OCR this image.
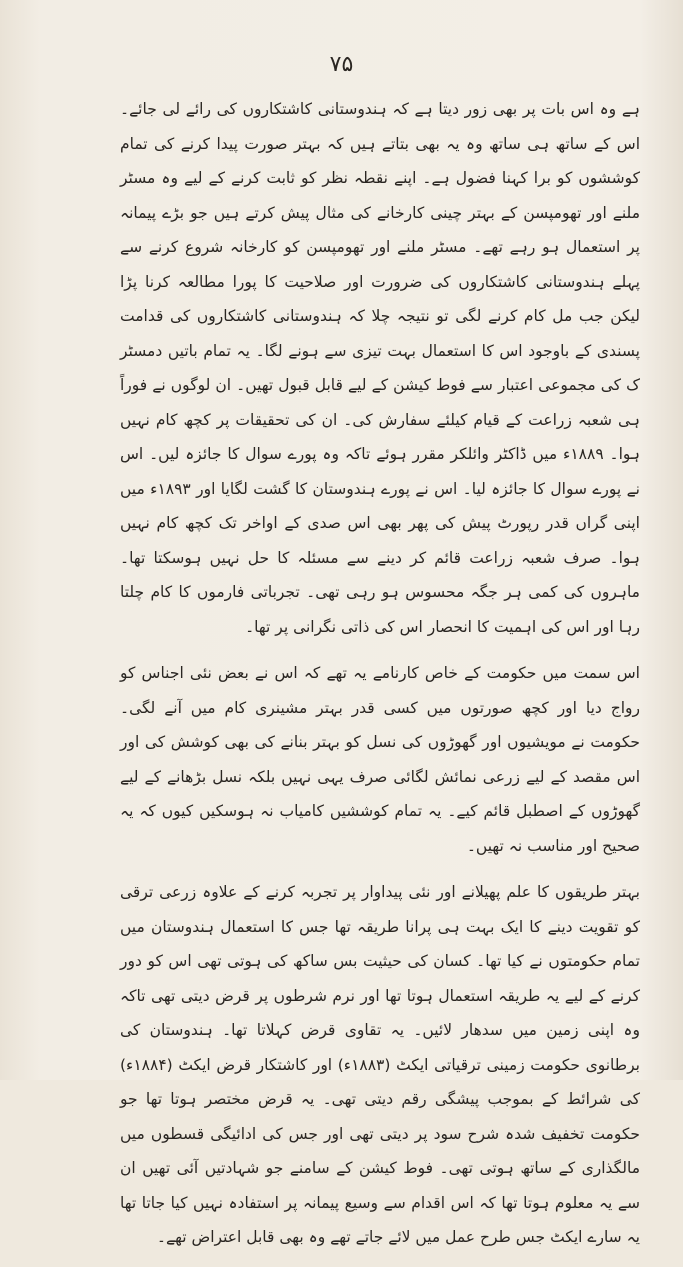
۷۵

ہے وہ اس بات پر بھی زور دیتا ہے کہ ہندوستانی کاشتکاروں کی رائے لی جائے۔ اس کے ساتھ ہی ساتھ وہ یہ بھی بتاتے ہیں کہ بہتر صورت پیدا کرنے کی تمام کوششوں کو برا کہنا فضول ہے۔ اپنے نقطہ نظر کو ثابت کرنے کے لیے وہ مسٹر ملنے اور تھومپسن کے بہتر چینی کارخانے کی مثال پیش کرتے ہیں جو بڑے پیمانہ پر استعمال ہو رہے تھے۔ مسٹر ملنے اور تھومپسن کو کارخانہ شروع کرنے سے پہلے ہندوستانی کاشتکاروں کی ضرورت اور صلاحیت کا پورا مطالعہ کرنا پڑا لیکن جب مل کام کرنے لگی تو نتیجہ چلا کہ ہندوستانی کاشتکاروں کی قدامت پسندی کے باوجود اس کا استعمال بہت تیزی سے ہونے لگا۔ یہ تمام باتیں دمسٹر ک کی مجموعی اعتبار سے فوط کیشن کے لیے قابل قبول تھیں۔ ان لوگوں نے فوراً ہی شعبہ زراعت کے قیام کیلئے سفارش کی۔ ان کی تحقیقات پر کچھ کام نہیں ہوا۔ ۱۸۸۹ء میں ڈاکٹر وائلکر مقرر ہوئے تاکہ وہ پورے سوال کا جائزہ لیں۔ اس نے پورے سوال کا جائزہ لیا۔ اس نے پورے ہندوستان کا گشت لگایا اور ۱۸۹۳ء میں اپنی گراں قدر رپورٹ پیش کی پھر بھی اس صدی کے اواخر تک کچھ کام نہیں ہوا۔ صرف شعبہ زراعت قائم کر دینے سے مسئلہ کا حل نہیں ہوسکتا تھا۔ ماہروں کی کمی ہر جگہ محسوس ہو رہی تھی۔ تجرباتی فارموں کا کام چلتا رہا اور اس کی اہمیت کا انحصار اس کی ذاتی نگرانی پر تھا۔

اس سمت میں حکومت کے خاص کارنامے یہ تھے کہ اس نے بعض نئی اجناس کو رواج دیا اور کچھ صورتوں میں کسی قدر بہتر مشینری کام میں آنے لگی۔ حکومت نے مویشیوں اور گھوڑوں کی نسل کو بہتر بنانے کی بھی کوشش کی اور اس مقصد کے لیے زرعی نمائش لگائی صرف یہی نہیں بلکہ نسل بڑھانے کے لیے گھوڑوں کے اصطبل قائم کیے۔ یہ تمام کوششیں کامیاب نہ ہوسکیں کیوں کہ یہ صحیح اور مناسب نہ تھیں۔

بہتر طریقوں کا علم پھیلانے اور نئی پیداوار پر تجربہ کرنے کے علاوہ زرعی ترقی کو تقویت دینے کا ایک بہت ہی پرانا طریقہ تھا جس کا استعمال ہندوستان میں تمام حکومتوں نے کیا تھا۔ کسان کی حیثیت بس ساکھ کی ہوتی تھی اس کو دور کرنے کے لیے یہ طریقہ استعمال ہوتا تھا اور نرم شرطوں پر قرض دیتی تھی تاکہ وہ اپنی زمین میں سدھار لائیں۔ یہ تقاوی قرض کہلاتا تھا۔ ہندوستان کی برطانوی حکومت زمینی ترقیاتی ایکٹ (۱۸۸۳ء) اور کاشتکار قرض ایکٹ (۱۸۸۴ء) کی شرائط کے بموجب پیشگی رقم دیتی تھی۔ یہ قرض مختصر ہوتا تھا جو حکومت تخفیف شدہ شرح سود پر دیتی تھی اور جس کی ادائیگی قسطوں میں مالگذاری کے ساتھ ہوتی تھی۔ فوط کیشن کے سامنے جو شہادتیں آئی تھیں ان سے یہ معلوم ہوتا تھا کہ اس اقدام سے وسیع پیمانہ پر استفادہ نہیں کیا جاتا تھا یہ سارے ایکٹ جس طرح عمل میں لائے جاتے تھے وہ بھی قابل اعتراض تھے۔
